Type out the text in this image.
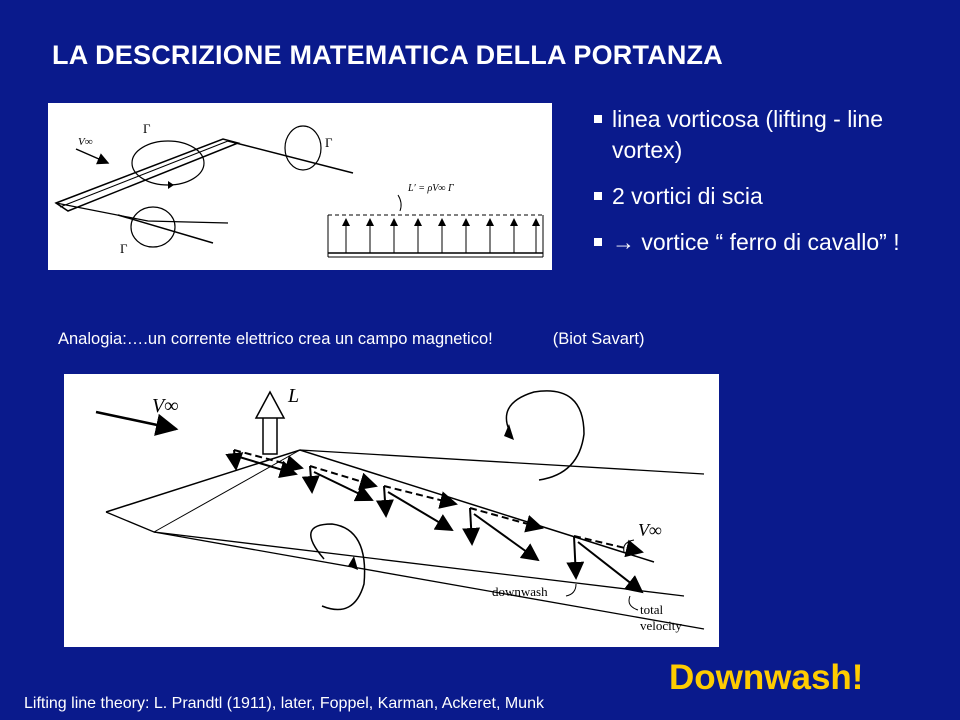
LA DESCRIZIONE MATEMATICA DELLA PORTANZA
V∞
Γ
Γ
Γ
L′ = ρV∞ Γ
linea vorticosa (lifting - line vortex)
2 vortici di scia
→ vortice “ ferro di cavallo” !
Analogia:….un corrente elettrico crea un campo magnetico!	(Biot Savart)
V∞	L
V∞
downwash
total
velocity
Downwash!
Lifting line theory: L. Prandtl (1911), later, Foppel, Karman, Ackeret, Munk
